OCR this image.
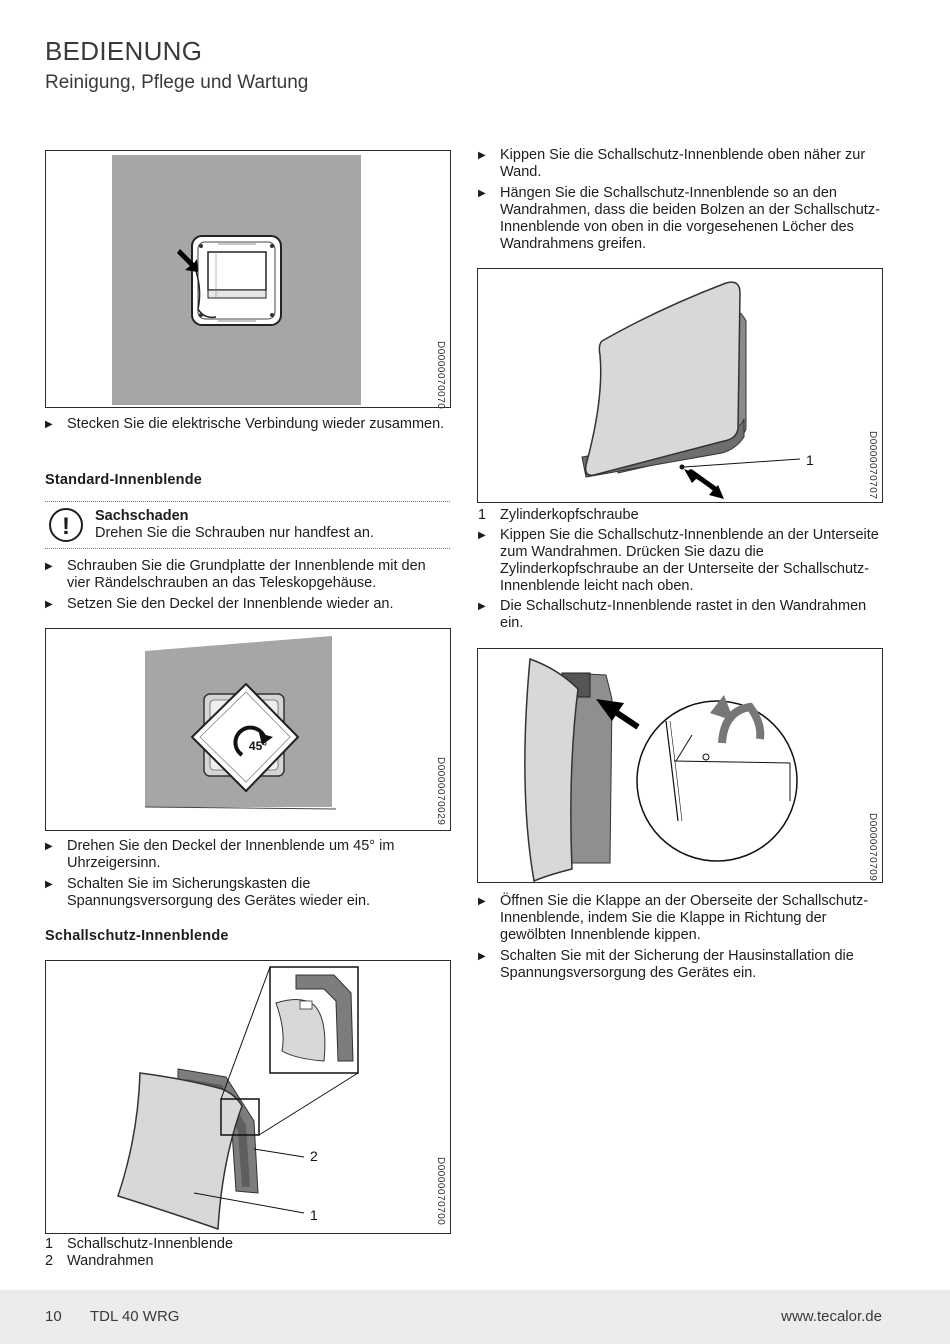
BEDIENUNG
Reinigung, Pflege und Wartung
D0000070070
▶ Stecken Sie die elektrische Verbindung wieder zusammen.
Standard-Innenblende
!	Sachschaden
Drehen Sie die Schrauben nur handfest an.
▶ Schrauben Sie die Grundplatte der Innenblende mit den vier Rändelschrauben an das Teleskopgehäuse.
▶ Setzen Sie den Deckel der Innenblende wieder an.
45°
D0000070029
▶ Drehen Sie den Deckel der Innenblende um 45° im Uhrzeigersinn.
▶ Schalten Sie im Sicherungskasten die Spannungsversorgung des Gerätes wieder ein.
Schallschutz-Innenblende
2
1	D0000070700
1 Schallschutz-Innenblende
2 Wandrahmen
▶ Kippen Sie die Schallschutz-Innenblende oben näher zur Wand.
▶ Hängen Sie die Schallschutz-Innenblende so an den Wandrahmen, dass die beiden Bolzen an der Schallschutz-Innenblende von oben in die vorgesehenen Löcher des Wandrahmens greifen.
1	D0000070707
1 Zylinderkopfschraube
▶ Kippen Sie die Schallschutz-Innenblende an der Unterseite zum Wandrahmen. Drücken Sie dazu die Zylinderkopfschraube an der Unterseite der Schallschutz-Innenblende leicht nach oben.
▶ Die Schallschutz-Innenblende rastet in den Wandrahmen ein.
D0000070709
▶ Öffnen Sie die Klappe an der Oberseite der Schallschutz-Innenblende, indem Sie die Klappe in Richtung der gewölbten Innenblende kippen.
▶ Schalten Sie mit der Sicherung der Hausinstallation die Spannungsversorgung des Gerätes ein.
10 TDL 40 WRG	www.tecalor.de
